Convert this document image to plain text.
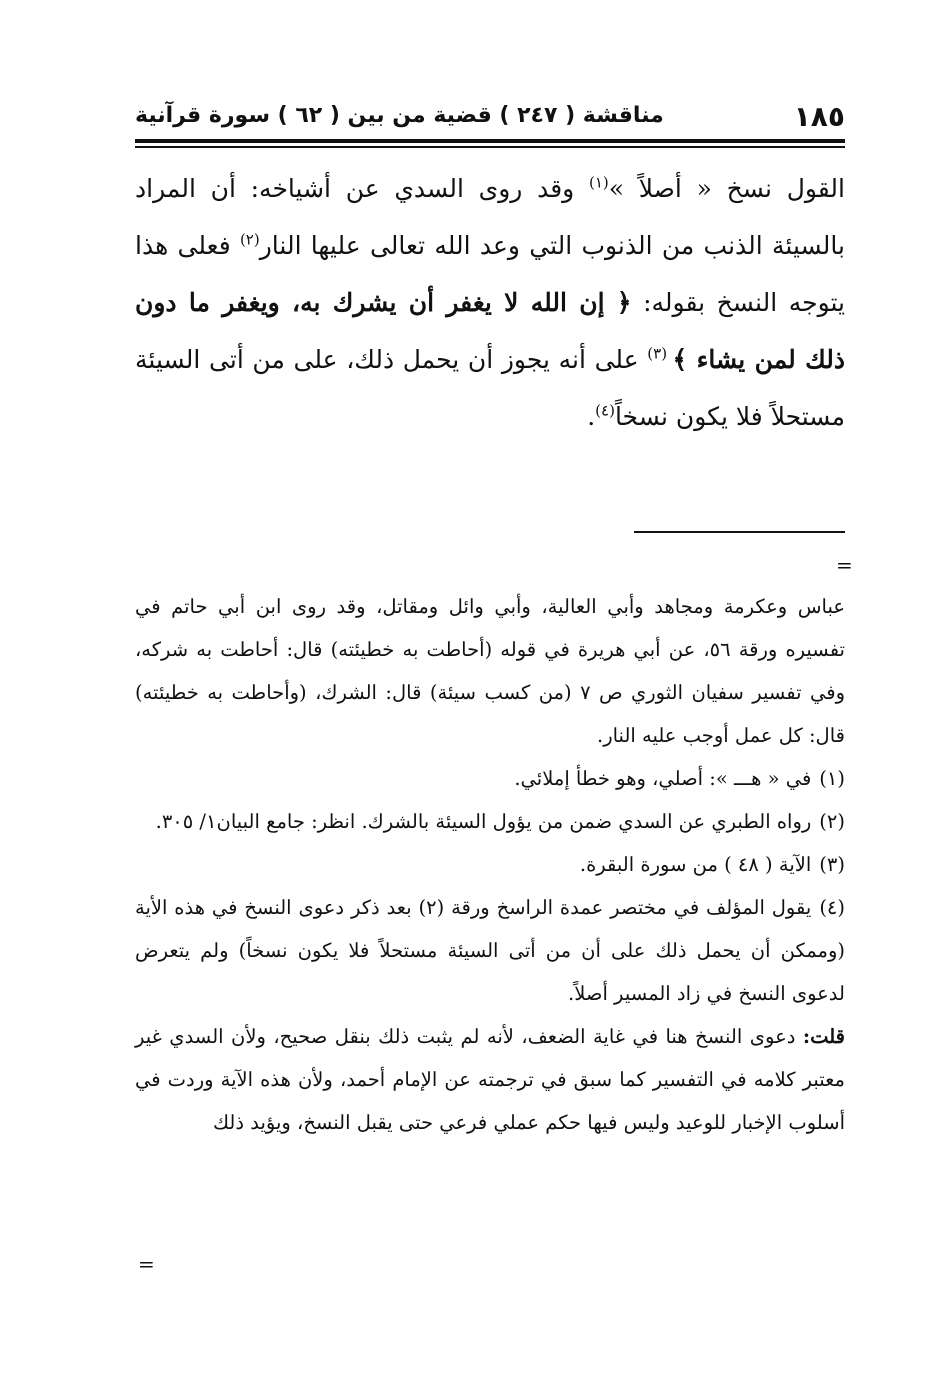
١٨٥
مناقشة ( ٢٤٧ ) قضية من بين ( ٦٢ ) سورة قرآنية

القول نسخ « أصلاً »$^{(١)}$ وقد روى السدي عن أشياخه: أن المراد بالسيئة الذنب من الذنوب التي وعد الله تعالى عليها النار$^{(٢)}$ فعلى هذا يتوجه النسخ بقوله: ﴿ إن الله لا يغفر أن يشرك به، ويغفر ما دون ذلك لمن يشاء ﴾ $^{(٣)}$ على أنه يجوز أن يحمل ذلك، على من أتى السيئة مستحلاً فلا يكون نسخاً$^{(٤)}$.

=

عباس وعكرمة ومجاهد وأبي العالية، وأبي وائل ومقاتل، وقد روى ابن أبي حاتم في تفسيره ورقة ٥٦، عن أبي هريرة في قوله (أحاطت به خطيئته) قال: أحاطت به شركه، وفي تفسير سفيان الثوري ص ٧ (من كسب سيئة) قال: الشرك، (وأحاطت به خطيئته) قال: كل عمل أوجب عليه النار.

(١)في « هـــ »: أصلي، وهو خطأ إملائي.

(٢)رواه الطبري عن السدي ضمن من يؤول السيئة بالشرك. انظر: جامع البيان١/ ٣٠٥.

(٣)الآية ( ٤٨ ) من سورة البقرة.

(٤)يقول المؤلف في مختصر عمدة الراسخ ورقة (٢) بعد ذكر دعوى النسخ في هذه الأية (وممكن أن يحمل ذلك على أن من أتى السيئة مستحلاً فلا يكون نسخاً) ولم يتعرض لدعوى النسخ في زاد المسير أصلاً.

قلت: دعوى النسخ هنا في غاية الضعف، لأنه لم يثبت ذلك بنقل صحيح، ولأن السدي غير معتبر كلامه في التفسير كما سبق في ترجمته عن الإمام أحمد، ولأن هذه الآية وردت في أسلوب الإخبار للوعيد وليس فيها حكم عملي فرعي حتى يقبل النسخ، ويؤيد ذلك

=
